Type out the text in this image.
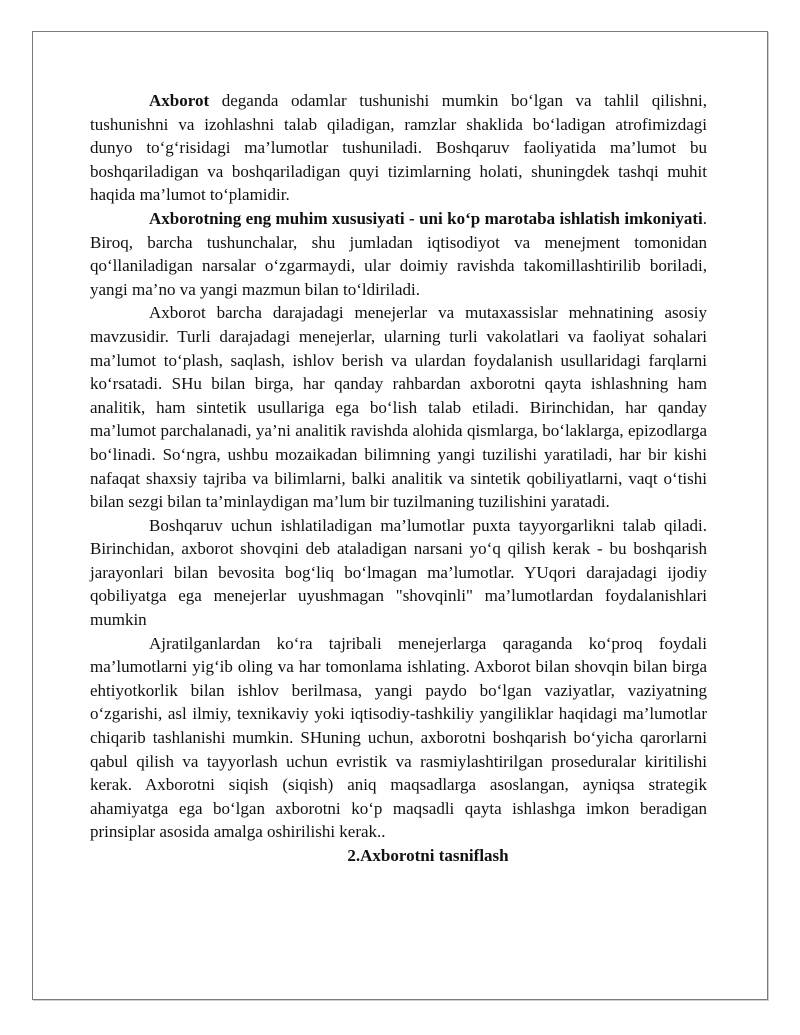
Axborot deganda odamlar tushunishi mumkin bo‘lgan va tahlil qilishni, tushunishni va izohlashni talab qiladigan, ramzlar shaklida bo‘ladigan atrofimizdagi dunyo to‘g‘risidagi ma’lumotlar tushuniladi. Boshqaruv faoliyatida ma’lumot bu boshqariladigan va boshqariladigan quyi tizimlarning holati, shuningdek tashqi muhit haqida ma’lumot to‘plamidir.

Axborotning eng muhim xususiyati - uni ko‘p marotaba ishlatish imkoniyati. Biroq, barcha tushunchalar, shu jumladan iqtisodiyot va menejment tomonidan qo‘llaniladigan narsalar o‘zgarmaydi, ular doimiy ravishda takomillashtirilib boriladi, yangi ma’no va yangi mazmun bilan to‘ldiriladi.

Axborot barcha darajadagi menejerlar va mutaxassislar mehnatining asosiy mavzusidir. Turli darajadagi menejerlar, ularning turli vakolatlari va faoliyat sohalari ma’lumot to‘plash, saqlash, ishlov berish va ulardan foydalanish usullaridagi farqlarni ko‘rsatadi. SHu bilan birga, har qanday rahbardan axborotni qayta ishlashning ham analitik, ham sintetik usullariga ega bo‘lish talab etiladi. Birinchidan, har qanday ma’lumot parchalanadi, ya’ni analitik ravishda alohida qismlarga, bo‘laklarga, epizodlarga bo‘linadi. So‘ngra, ushbu mozaikadan bilimning yangi tuzilishi yaratiladi, har bir kishi nafaqat shaxsiy tajriba va bilimlarni, balki analitik va sintetik qobiliyatlarni, vaqt o‘tishi bilan sezgi bilan ta’minlaydigan ma’lum bir tuzilmaning tuzilishini yaratadi.

Boshqaruv uchun ishlatiladigan ma’lumotlar puxta tayyorgarlikni talab qiladi. Birinchidan, axborot shovqini deb ataladigan narsani yo‘q qilish kerak - bu boshqarish jarayonlari bilan bevosita bog‘liq bo‘lmagan ma’lumotlar. YUqori darajadagi ijodiy qobiliyatga ega menejerlar uyushmagan "shovqinli" ma’lumotlardan foydalanishlari mumkin

Ajratilganlardan ko‘ra tajribali menejerlarga qaraganda ko‘proq foydali ma’lumotlarni yig‘ib oling va har tomonlama ishlating. Axborot bilan shovqin bilan birga ehtiyotkorlik bilan ishlov berilmasa, yangi paydo bo‘lgan vaziyatlar, vaziyatning o‘zgarishi, asl ilmiy, texnikaviy yoki iqtisodiy-tashkiliy yangiliklar haqidagi ma’lumotlar chiqarib tashlanishi mumkin. SHuning uchun, axborotni boshqarish bo‘yicha qarorlarni qabul qilish va tayyorlash uchun evristik va rasmiylashtirilgan proseduralar kiritilishi kerak. Axborotni siqish (siqish) aniq maqsadlarga asoslangan, ayniqsa strategik ahamiyatga ega bo‘lgan axborotni ko‘p maqsadli qayta ishlashga imkon beradigan prinsiplar asosida amalga oshirilishi kerak..

2.Axborotni tasniflash
